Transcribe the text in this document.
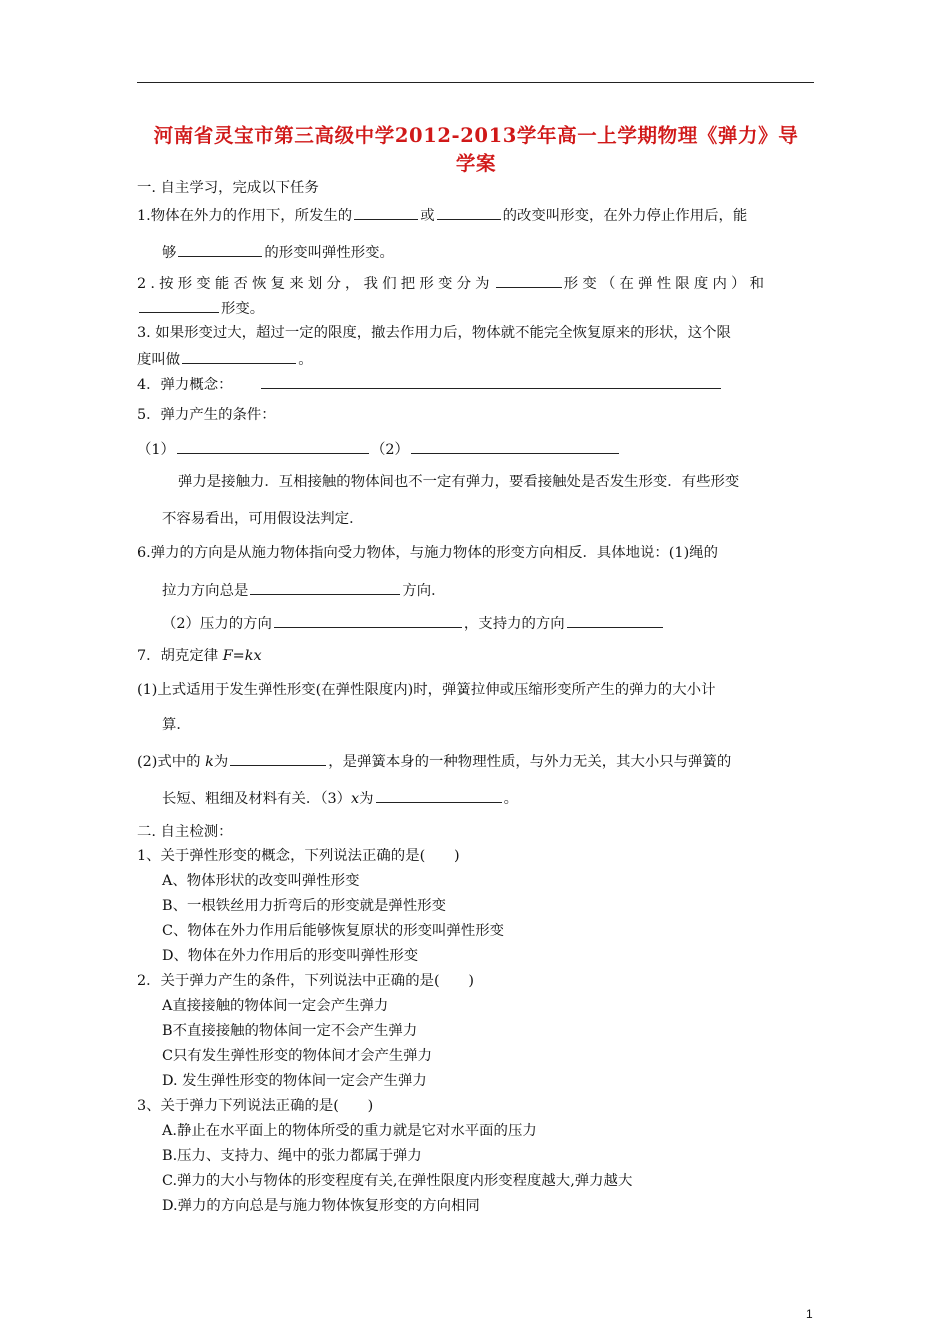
河南省灵宝市第三高级中学2012-2013学年高一上学期物理《弹力》导
学案
一. 自主学习，完成以下任务
1.物体在外力的作用下，所发生的	或	的改变叫形变，在外力停止作用后，能
够	的形变叫弹性形变。
2.按形变能否恢复来划分，我们把形变分为	形变（在弹性限度内）和
形变。
3. 如果形变过大，超过一定的限度，撤去作用力后，物体就不能完全恢复原来的形状，这个限
度叫做	。
4．弹力概念：
5．弹力产生的条件：
（1）	（2）
弹力是接触力．互相接触的物体间也不一定有弹力，要看接触处是否发生形变．有些形变
不容易看出，可用假设法判定．
6.弹力的方向是从施力物体指向受力物体，与施力物体的形变方向相反．具体地说：(1)绳的
拉力方向总是	方向．
（2）压力的方向	，支持力的方向
7．胡克定律 F=kx
(1)上式适用于发生弹性形变(在弹性限度内)时，弹簧拉伸或压缩形变所产生的弹力的大小计
算．
(2)式中的 k为	，是弹簧本身的一种物理性质，与外力无关，其大小只与弹簧的
长短、粗细及材料有关．（3）x为	。
二. 自主检测：
1、关于弹性形变的概念，下列说法正确的是(　　)
A、物体形状的改变叫弹性形变
B、一根铁丝用力折弯后的形变就是弹性形变
C、物体在外力作用后能够恢复原状的形变叫弹性形变
D、物体在外力作用后的形变叫弹性形变
2．关于弹力产生的条件，下列说法中正确的是(　　)
A直接接触的物体间一定会产生弹力
B不直接接触的物体间一定不会产生弹力
C只有发生弹性形变的物体间才会产生弹力
D. 发生弹性形变的物体间一定会产生弹力
3、关于弹力下列说法正确的是(　　)
A.静止在水平面上的物体所受的重力就是它对水平面的压力
B.压力、支持力、绳中的张力都属于弹力
C.弹力的大小与物体的形变程度有关,在弹性限度内形变程度越大,弹力越大
D.弹力的方向总是与施力物体恢复形变的方向相同
1
